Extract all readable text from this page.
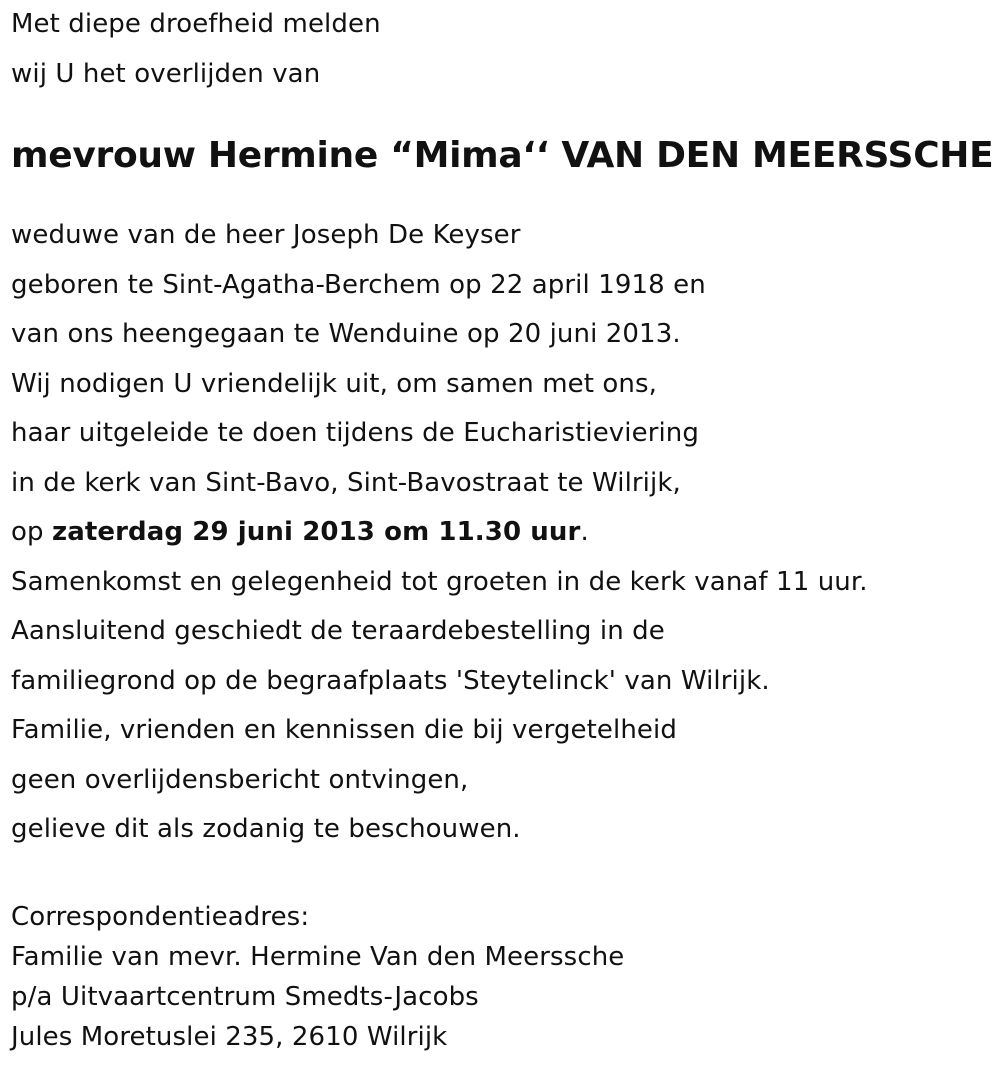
Met diepe droefheid melden
wij U het overlijden van
mevrouw Hermine “Mima‘‘ VAN DEN MEERSSCHE
weduwe van de heer Joseph De Keyser
geboren te Sint-Agatha-Berchem op 22 april 1918 en
van ons heengegaan te Wenduine op 20 juni 2013.
Wij nodigen U vriendelijk uit, om samen met ons,
haar uitgeleide te doen tijdens de Eucharistieviering
in de kerk van Sint-Bavo, Sint-Bavostraat te Wilrijk,
op zaterdag 29 juni 2013 om 11.30 uur.
Samenkomst en gelegenheid tot groeten in de kerk vanaf 11 uur.
Aansluitend geschiedt de teraardebestelling in de
familiegrond op de begraafplaats 'Steytelinck' van Wilrijk.
Familie, vrienden en kennissen die bij vergetelheid
geen overlijdensbericht ontvingen,
gelieve dit als zodanig te beschouwen.
Correspondentieadres:
Familie van mevr. Hermine Van den Meerssche
p/a Uitvaartcentrum Smedts-Jacobs
Jules Moretuslei 235, 2610 Wilrijk
